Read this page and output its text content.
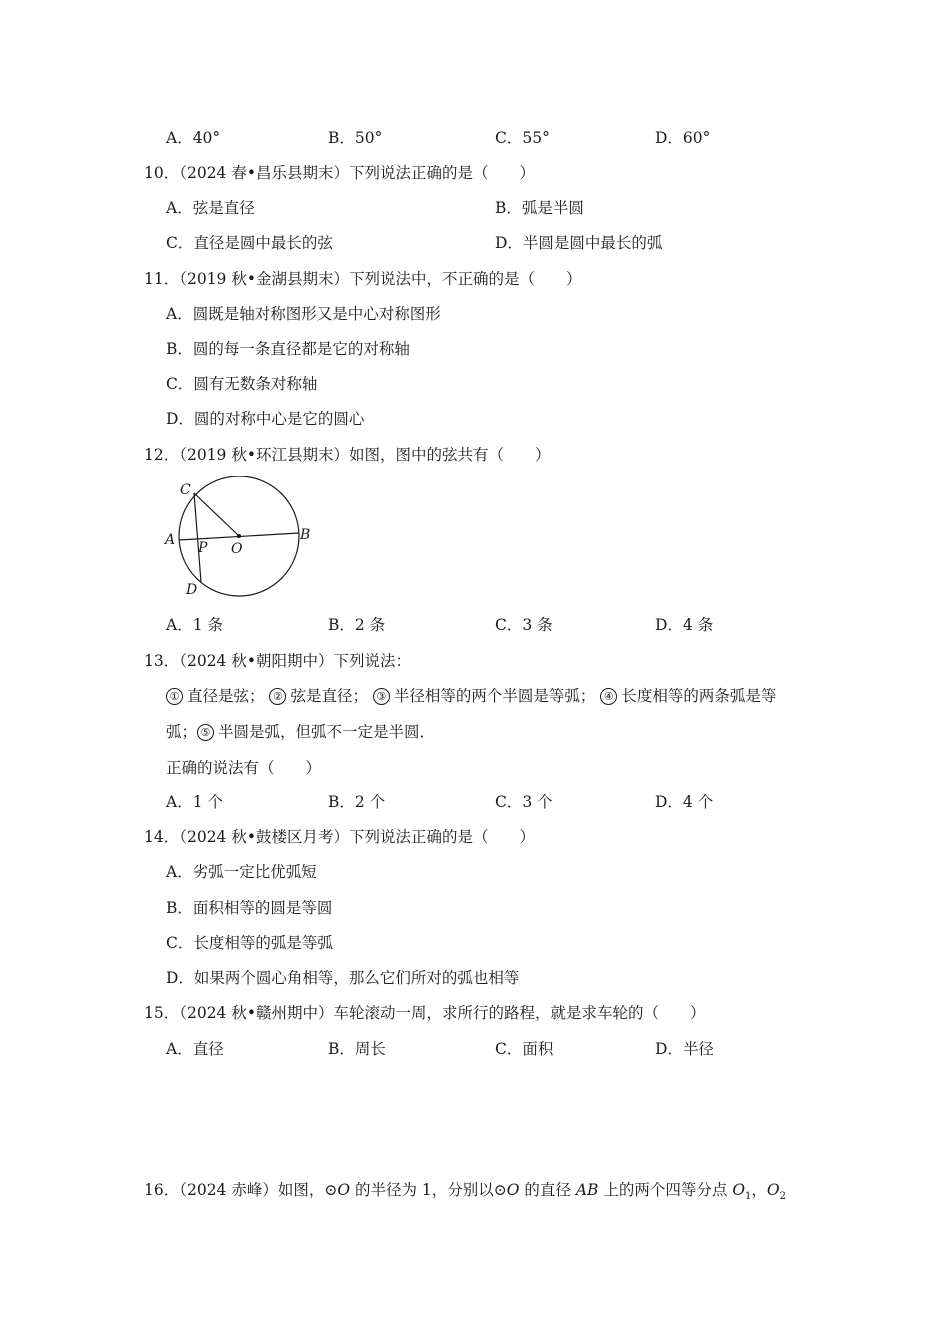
A．40°	B．50°	C．55°	D．60°
10．（2024 春•昌乐县期末）下列说法正确的是（　　）
A．弦是直径	B．弧是半圆
C．直径是圆中最长的弦	D．半圆是圆中最长的弧
11．（2019 秋•金湖县期末）下列说法中，不正确的是（　　）
A．圆既是轴对称图形又是中心对称图形
B．圆的每一条直径都是它的对称轴
C．圆有无数条对称轴
D．圆的对称中心是它的圆心
12．（2019 秋•环江县期末）如图，图中的弦共有（　　）
C
A P O
B
D
A．1 条	B．2 条	C．3 条	D．4 条
13．（2024 秋•朝阳期中）下列说法：
① 直径是弦； ② 弦是直径； ③ 半径相等的两个半圆是等弧； ④ 长度相等的两条弧是等
弧； ⑤ 半圆是弧，但弧不一定是半圆．
正确的说法有（　　）
A．1 个	B．2 个	C．3 个	D．4 个
14．（2024 秋•鼓楼区月考）下列说法正确的是（　　）
A．劣弧一定比优弧短
B．面积相等的圆是等圆
C．长度相等的弧是等弧
D．如果两个圆心角相等，那么它们所对的弧也相等
15．（2024 秋•赣州期中）车轮滚动一周，求所行的路程，就是求车轮的（　　）
A．直径	B．周长	C．面积	D．半径
16．（2024 赤峰）如图，⊙O 的半径为 1，分别以⊙O 的直径 AB 上的两个四等分点 $O_1$，$O_2$
